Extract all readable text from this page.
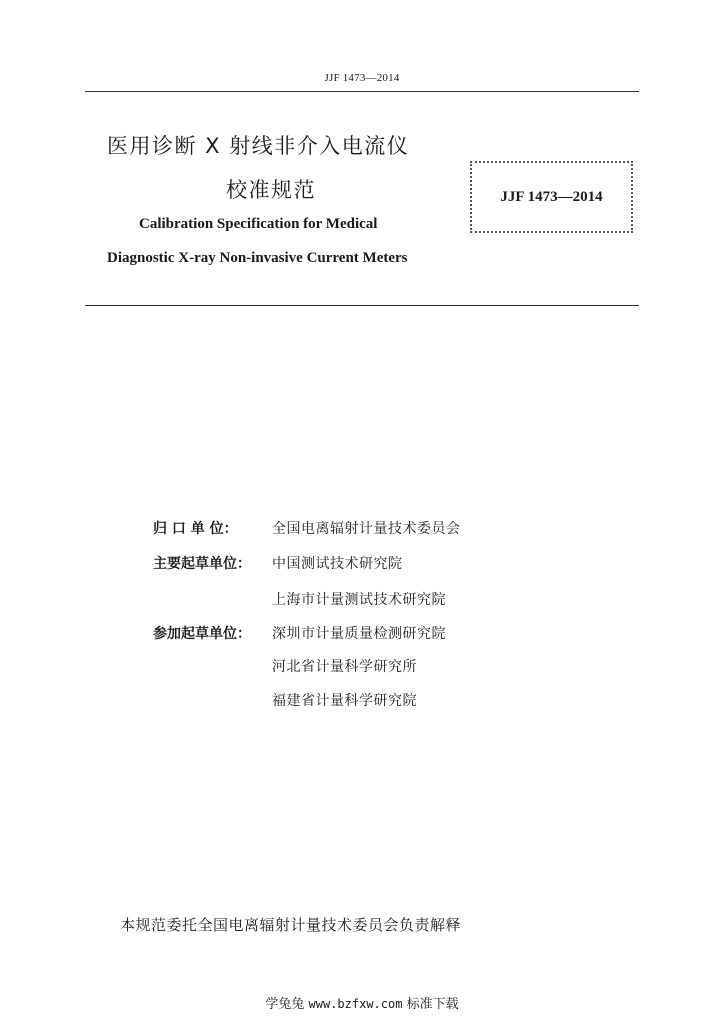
JJF 1473—2014
医用诊断 X 射线非介入电流仪
校准规范
Calibration Specification for Medical
Diagnostic X-ray Non-invasive Current Meters
JJF 1473—2014
归 口 单 位： 全国电离辐射计量技术委员会
主要起草单位： 中国测试技术研究院
上海市计量测试技术研究院
参加起草单位： 深圳市计量质量检测研究院
河北省计量科学研究所
福建省计量科学研究院
本规范委托全国电离辐射计量技术委员会负责解释
学兔兔 www.bzfxw.com 标准下载
